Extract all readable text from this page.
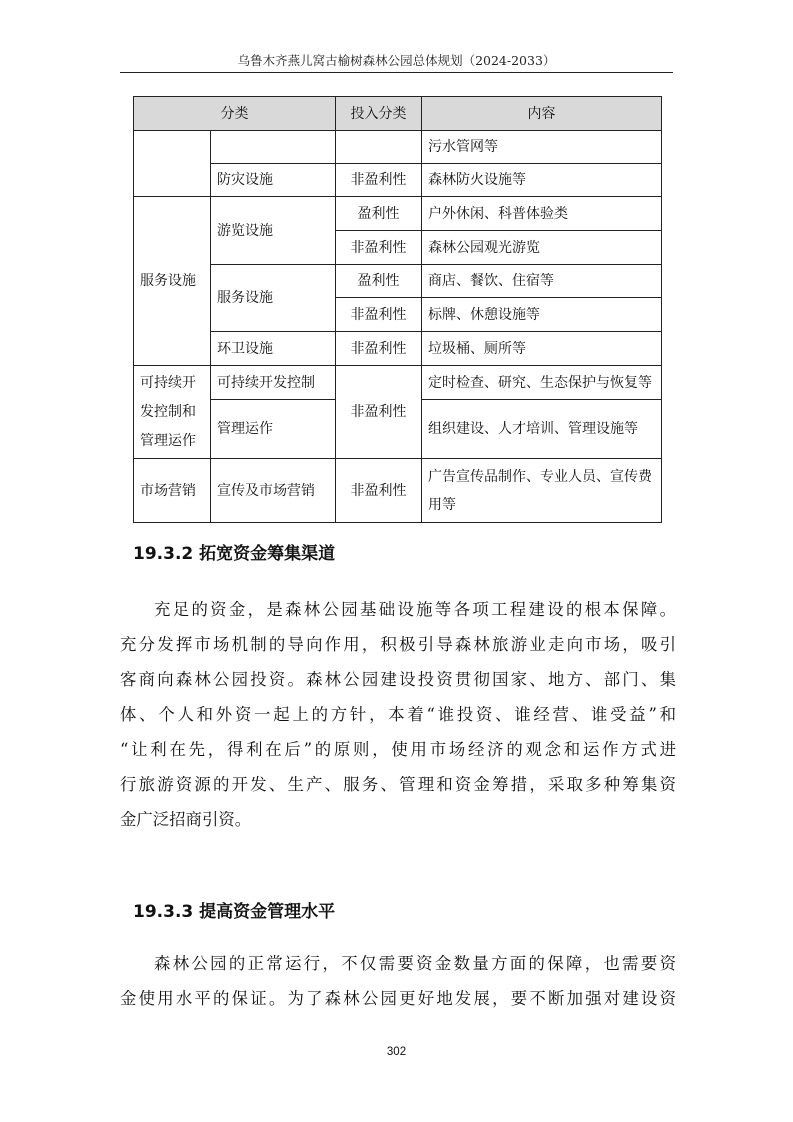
乌鲁木齐燕儿窝古榆树森林公园总体规划（2024-2033）
分类		投入分类	内容
			污水管网等
	防灾设施	非盈利性	森林防火设施等
服务设施	游览设施	盈利性	户外休闲、科普体验类
		非盈利性	森林公园观光游览
	服务设施	盈利性	商店、餐饮、住宿等
		非盈利性	标牌、休憩设施等
	环卫设施	非盈利性	垃圾桶、厕所等
可持续开发控制和管理运作	可持续开发控制	非盈利性	定时检查、研究、生态保护与恢复等
	管理运作		组织建设、人才培训、管理设施等
市场营销	宣传及市场营销	非盈利性	广告宣传品制作、专业人员、宣传费用等
19.3.2 拓宽资金筹集渠道
充足的资金，是森林公园基础设施等各项工程建设的根本保障。
充分发挥市场机制的导向作用，积极引导森林旅游业走向市场，吸引
客商向森林公园投资。森林公园建设投资贯彻国家、地方、部门、集
体、个人和外资一起上的方针，本着“谁投资、谁经营、谁受益”和
“让利在先，得利在后”的原则，使用市场经济的观念和运作方式进
行旅游资源的开发、生产、服务、管理和资金筹措，采取多种筹集资
金广泛招商引资。
19.3.3 提高资金管理水平
森林公园的正常运行，不仅需要资金数量方面的保障，也需要资
金使用水平的保证。为了森林公园更好地发展，要不断加强对建设资
302
